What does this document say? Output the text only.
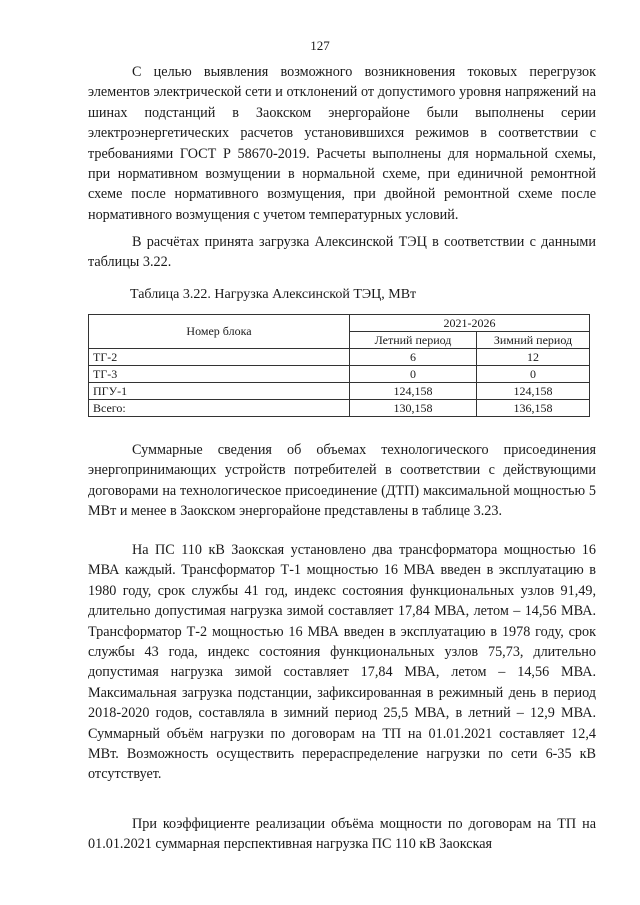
127

С целью выявления возможного возникновения токовых перегрузок элементов электрической сети и отклонений от допустимого уровня напряжений на шинах подстанций в Заокском энергорайоне были выполнены серии электроэнергетических расчетов установившихся режимов в соответствии с требованиями ГОСТ Р 58670-2019. Расчеты выполнены для нормальной схемы, при нормативном возмущении в нормальной схеме, при единичной ремонтной схеме после нормативного возмущения, при двойной ремонтной схеме после нормативного возмущения с учетом температурных условий.

В расчётах принята загрузка Алексинской ТЭЦ в соответствии с данными таблицы 3.22.

Таблица 3.22. Нагрузка Алексинской ТЭЦ, МВт
Номер блока	2021-2026	
	Летний период	Зимний период
ТГ-2	6	12
ТГ-3	0	0
ПГУ-1	124,158	124,158
Всего:	130,158	136,158

Суммарные сведения об объемах технологического присоединения энергопринимающих устройств потребителей в соответствии с действующими договорами на технологическое присоединение (ДТП) максимальной мощностью 5 МВт и менее в Заокском энергорайоне представлены в таблице 3.23.

На ПС 110 кВ Заокская установлено два трансформатора мощностью 16 МВА каждый. Трансформатор Т-1 мощностью 16 МВА введен в эксплуатацию в 1980 году, срок службы 41 год, индекс состояния функциональных узлов 91,49, длительно допустимая нагрузка зимой составляет 17,84 МВА, летом – 14,56 МВА. Трансформатор Т-2 мощностью 16 МВА введен в эксплуатацию в 1978 году, срок службы 43 года, индекс состояния функциональных узлов 75,73, длительно допустимая нагрузка зимой составляет 17,84 МВА, летом – 14,56 МВА. Максимальная загрузка подстанции, зафиксированная в режимный день в период 2018-2020 годов, составляла в зимний период 25,5 МВА, в летний – 12,9 МВА. Суммарный объём нагрузки по договорам на ТП на 01.01.2021 составляет 12,4 МВт. Возможность осуществить перераспределение нагрузки по сети 6-35 кВ отсутствует.

При коэффициенте реализации объёма мощности по договорам на ТП на 01.01.2021 суммарная перспективная нагрузка ПС 110 кВ Заокская
